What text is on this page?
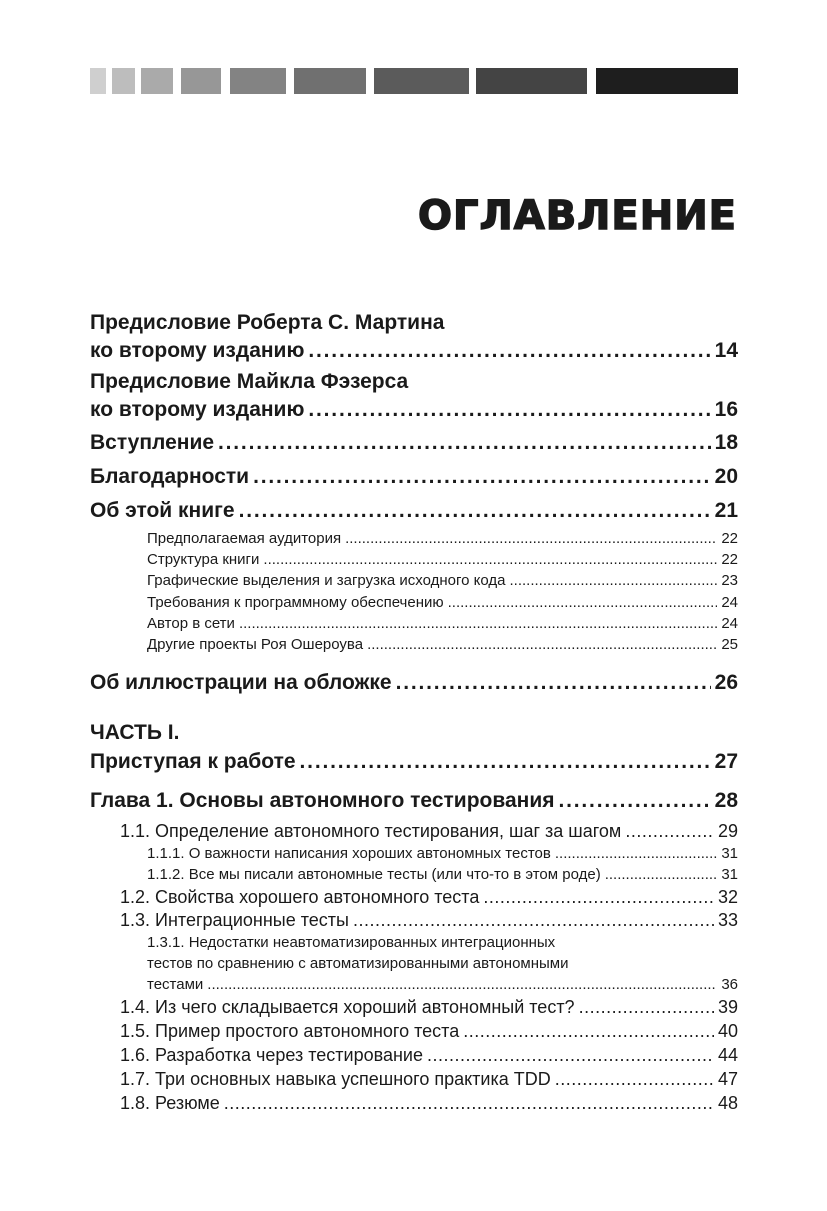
ОГЛАВЛЕНИЕ
Предисловие Роберта С. Мартина
ко второму изданию .....	14
Предисловие Майкла Фэзерса
ко второму изданию .....	16
Вступление .....	18
Благодарности .....	20
Об этой книге .....	21
Предполагаемая аудитория .....	22
Структура книги .....	22
Графические выделения и загрузка исходного кода .....	23
Требования к программному обеспечению .....	24
Автор в сети .....	24
Другие проекты Роя Ошероува .....	25
Об иллюстрации на обложке .....	26
ЧАСТЬ I.
Приступая к работе .....	27
Глава 1. Основы автономного тестирования .....	28
1.1. Определение автономного тестирования, шаг за шагом .....	29
1.1.1. О важности написания хороших автономных тестов .....	31
1.1.2. Все мы писали автономные тесты (или что-то в этом роде) .....	31
1.2. Свойства хорошего автономного теста .....	32
1.3. Интеграционные тесты .....	33
1.3.1. Недостатки неавтоматизированных интеграционных
тестов по сравнению с автоматизированными автономными
тестами .....	36
1.4. Из чего складывается хороший автономный тест? .....	39
1.5. Пример простого автономного теста .....	40
1.6. Разработка через тестирование .....	44
1.7. Три основных навыка успешного практика TDD .....	47
1.8. Резюме .....	48
